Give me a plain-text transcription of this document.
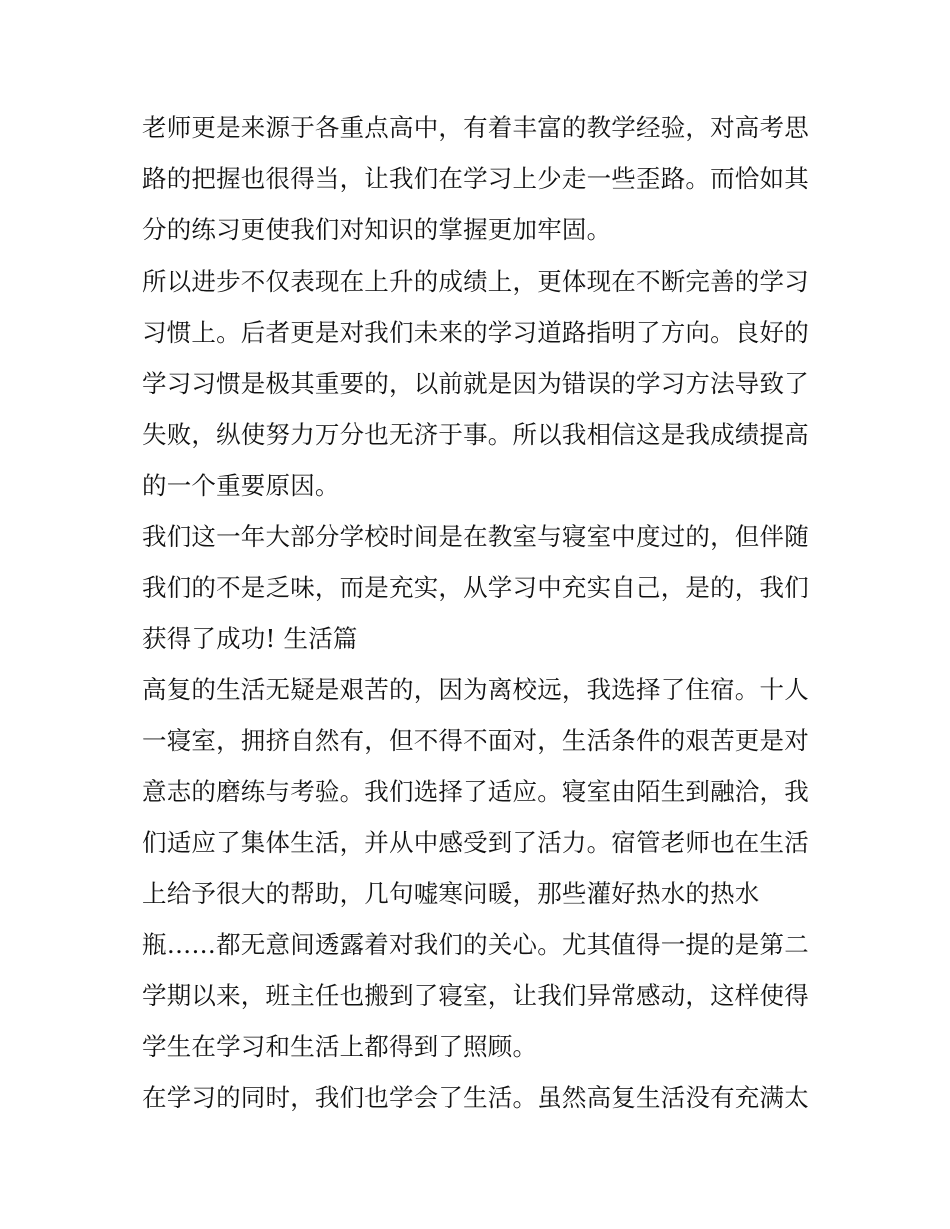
老师更是来源于各重点高中，有着丰富的教学经验，对高考思
路的把握也很得当，让我们在学习上少走一些歪路。而恰如其
分的练习更使我们对知识的掌握更加牢固。
所以进步不仅表现在上升的成绩上，更体现在不断完善的学习
习惯上。后者更是对我们未来的学习道路指明了方向。良好的
学习习惯是极其重要的，以前就是因为错误的学习方法导致了
失败，纵使努力万分也无济于事。所以我相信这是我成绩提高
的一个重要原因。
我们这一年大部分学校时间是在教室与寝室中度过的，但伴随
我们的不是乏味，而是充实，从学习中充实自己，是的，我们
获得了成功! 生活篇
高复的生活无疑是艰苦的，因为离校远，我选择了住宿。十人
一寝室，拥挤自然有，但不得不面对，生活条件的艰苦更是对
意志的磨练与考验。我们选择了适应。寝室由陌生到融洽，我
们适应了集体生活，并从中感受到了活力。宿管老师也在生活
上给予很大的帮助，几句嘘寒问暖，那些灌好热水的热水
瓶……都无意间透露着对我们的关心。尤其值得一提的是第二
学期以来，班主任也搬到了寝室，让我们异常感动，这样使得
学生在学习和生活上都得到了照顾。
在学习的同时，我们也学会了生活。虽然高复生活没有充满太
